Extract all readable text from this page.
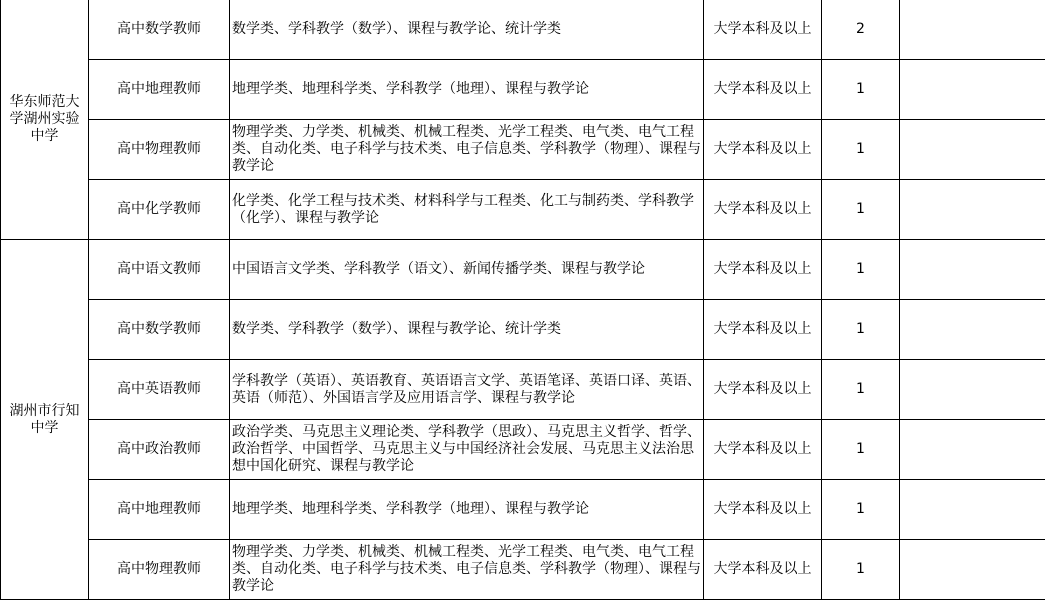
华东师范大学湖州实验中学	高中数学教师	数学类、学科教学（数学）、课程与教学论、统计学类	大学本科及以上	2	
	高中地理教师	地理学类、地理科学类、学科教学（地理）、课程与教学论	大学本科及以上	1	
	高中物理教师	物理学类、力学类、机械类、机械工程类、光学工程类、电气类、电气工程类、自动化类、电子科学与技术类、电子信息类、学科教学（物理）、课程与教学论	大学本科及以上	1	
	高中化学教师	化学类、化学工程与技术类、材料科学与工程类、化工与制药类、学科教学（化学）、课程与教学论	大学本科及以上	1	
湖州市行知中学	高中语文教师	中国语言文学类、学科教学（语文）、新闻传播学类、课程与教学论	大学本科及以上	1	
	高中数学教师	数学类、学科教学（数学）、课程与教学论、统计学类	大学本科及以上	1	
	高中英语教师	学科教学（英语）、英语教育、英语语言文学、英语笔译、英语口译、英语、英语（师范）、外国语言学及应用语言学、课程与教学论	大学本科及以上	1	
	高中政治教师	政治学类、马克思主义理论类、学科教学（思政）、马克思主义哲学、哲学、政治哲学、中国哲学、马克思主义与中国经济社会发展、马克思主义法治思想中国化研究、课程与教学论	大学本科及以上	1	
	高中地理教师	地理学类、地理科学类、学科教学（地理）、课程与教学论	大学本科及以上	1	
	高中物理教师	物理学类、力学类、机械类、机械工程类、光学工程类、电气类、电气工程类、自动化类、电子科学与技术类、电子信息类、学科教学（物理）、课程与教学论	大学本科及以上	1	
